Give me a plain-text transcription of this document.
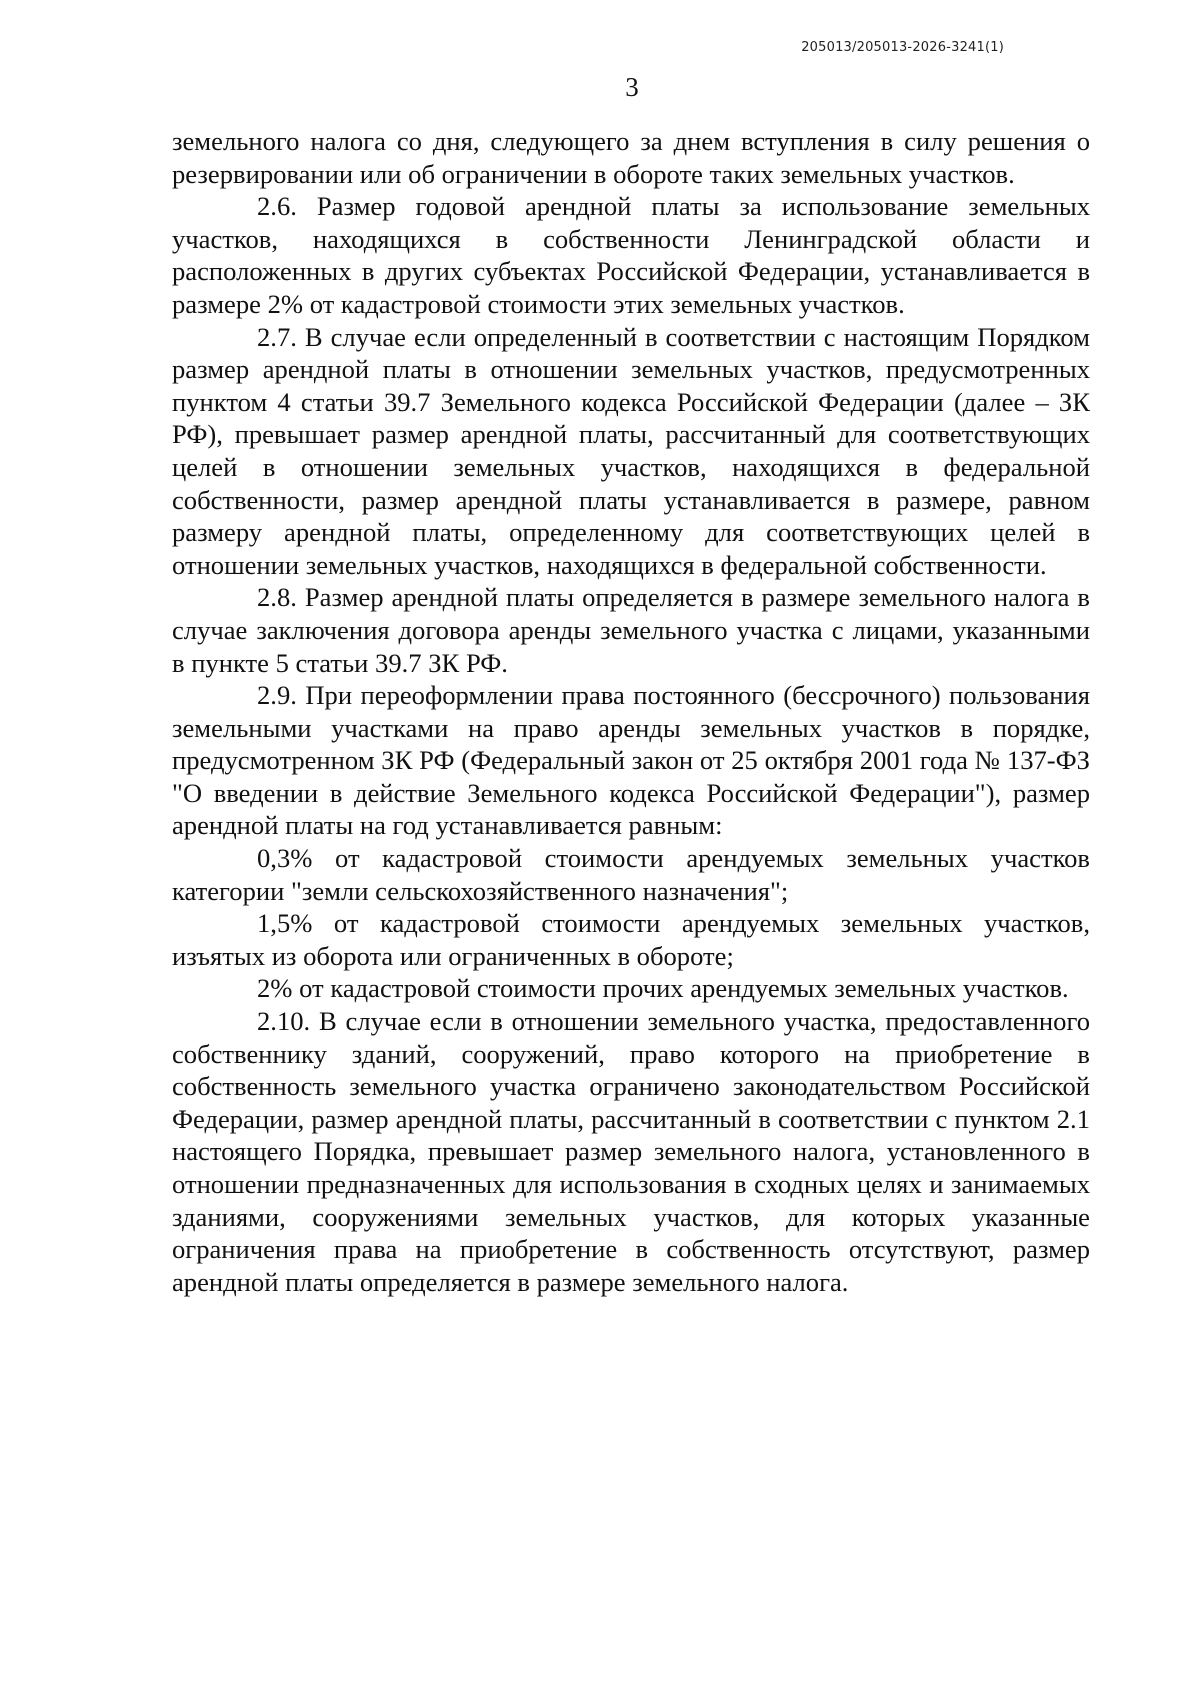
205013/205013-2026-3241(1)
3

земельного налога со дня, следующего за днем вступления в силу решения о резервировании или об ограничении в обороте таких земельных участков.

2.6. Размер годовой арендной платы за использование земельных участков, находящихся в собственности Ленинградской области и расположенных в других субъектах Российской Федерации, устанавливается в размере 2% от кадастровой стоимости этих земельных участков.

2.7. В случае если определенный в соответствии с настоящим Порядком размер арендной платы в отношении земельных участков, предусмотренных пунктом 4 статьи 39.7 Земельного кодекса Российской Федерации (далее – ЗК РФ), превышает размер арендной платы, рассчитанный для соответствующих целей в отношении земельных участков, находящихся в федеральной собственности, размер арендной платы устанавливается в размере, равном размеру арендной платы, определенному для соответствующих целей в отношении земельных участков, находящихся в федеральной собственности.

2.8. Размер арендной платы определяется в размере земельного налога в случае заключения договора аренды земельного участка с лицами, указанными в пункте 5 статьи 39.7 ЗК РФ.

2.9. При переоформлении права постоянного (бессрочного) пользования земельными участками на право аренды земельных участков в порядке, предусмотренном ЗК РФ (Федеральный закон от 25 октября 2001 года № 137-ФЗ "О введении в действие Земельного кодекса Российской Федерации"), размер арендной платы на год устанавливается равным:

0,3% от кадастровой стоимости арендуемых земельных участков категории "земли сельскохозяйственного назначения";

1,5% от кадастровой стоимости арендуемых земельных участков, изъятых из оборота или ограниченных в обороте;

2% от кадастровой стоимости прочих арендуемых земельных участков.

2.10. В случае если в отношении земельного участка, предоставленного собственнику зданий, сооружений, право которого на приобретение в собственность земельного участка ограничено законодательством Российской Федерации, размер арендной платы, рассчитанный в соответствии с пунктом 2.1 настоящего Порядка, превышает размер земельного налога, установленного в отношении предназначенных для использования в сходных целях и занимаемых зданиями, сооружениями земельных участков, для которых указанные ограничения права на приобретение в собственность отсутствуют, размер арендной платы определяется в размере земельного налога.
